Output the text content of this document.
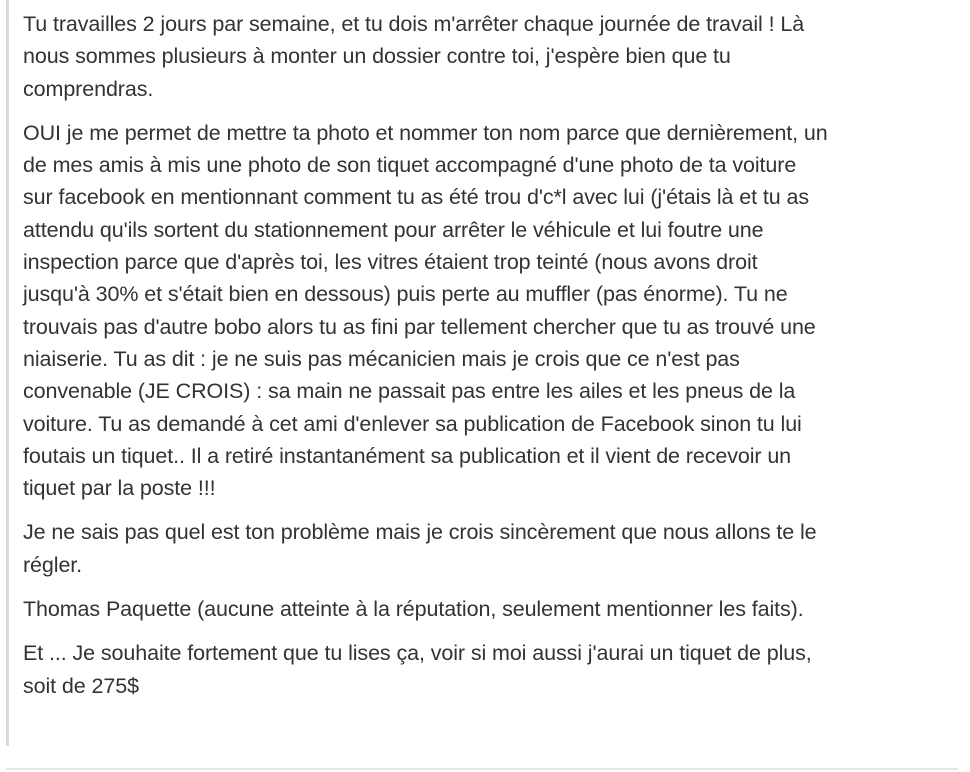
Tu travailles 2 jours par semaine, et tu dois m'arrêter chaque journée de travail ! Là
nous sommes plusieurs à monter un dossier contre toi, j'espère bien que tu
comprendras.

OUI je me permet de mettre ta photo et nommer ton nom parce que dernièrement, un
de mes amis à mis une photo de son tiquet accompagné d'une photo de ta voiture
sur facebook en mentionnant comment tu as été trou d'c*l avec lui (j'étais là et tu as
attendu qu'ils sortent du stationnement pour arrêter le véhicule et lui foutre une
inspection parce que d'après toi, les vitres étaient trop teinté (nous avons droit
jusqu'à 30% et s'était bien en dessous) puis perte au muffler (pas énorme). Tu ne
trouvais pas d'autre bobo alors tu as fini par tellement chercher que tu as trouvé une
niaiserie. Tu as dit : je ne suis pas mécanicien mais je crois que ce n'est pas
convenable (JE CROIS) : sa main ne passait pas entre les ailes et les pneus de la
voiture. Tu as demandé à cet ami d'enlever sa publication de Facebook sinon tu lui
foutais un tiquet.. Il a retiré instantanément sa publication et il vient de recevoir un
tiquet par la poste !!!

Je ne sais pas quel est ton problème mais je crois sincèrement que nous allons te le
régler.

Thomas Paquette (aucune atteinte à la réputation, seulement mentionner les faits).

Et ... Je souhaite fortement que tu lises ça, voir si moi aussi j'aurai un tiquet de plus,
soit de 275$
